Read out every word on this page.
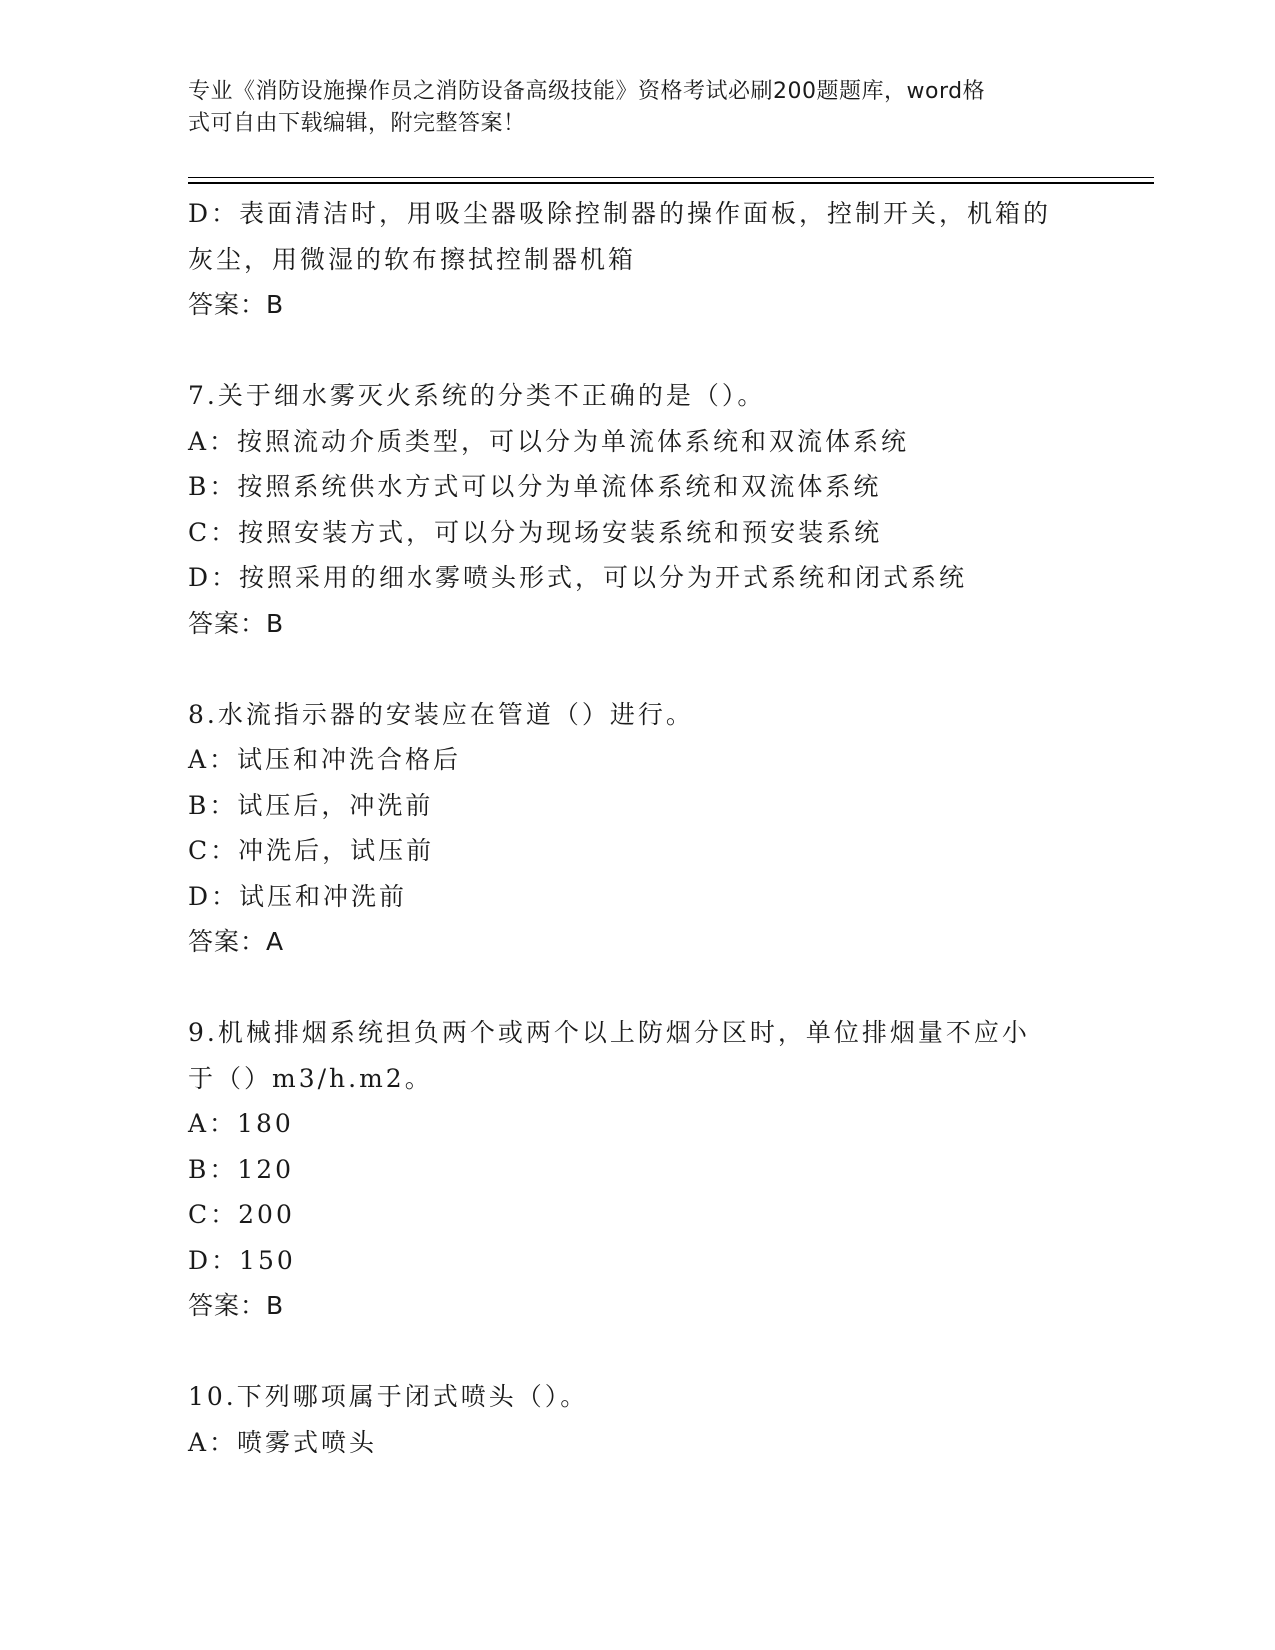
专业《消防设施操作员之消防设备高级技能》资格考试必刷200题题库，word格
式可自由下载编辑，附完整答案！
D：表面清洁时，用吸尘器吸除控制器的操作面板，控制开关，机箱的
灰尘，用微湿的软布擦拭控制器机箱
答案：B
7.关于细水雾灭火系统的分类不正确的是（）。
A：按照流动介质类型，可以分为单流体系统和双流体系统
B：按照系统供水方式可以分为单流体系统和双流体系统
C：按照安装方式，可以分为现场安装系统和预安装系统
D：按照采用的细水雾喷头形式，可以分为开式系统和闭式系统
答案：B
8.水流指示器的安装应在管道（）进行。
A：试压和冲洗合格后
B：试压后，冲洗前
C：冲洗后，试压前
D：试压和冲洗前
答案：A
9.机械排烟系统担负两个或两个以上防烟分区时，单位排烟量不应小
于（）m3/h.m2。
A：180
B：120
C：200
D：150
答案：B
10.下列哪项属于闭式喷头（）。
A：喷雾式喷头
